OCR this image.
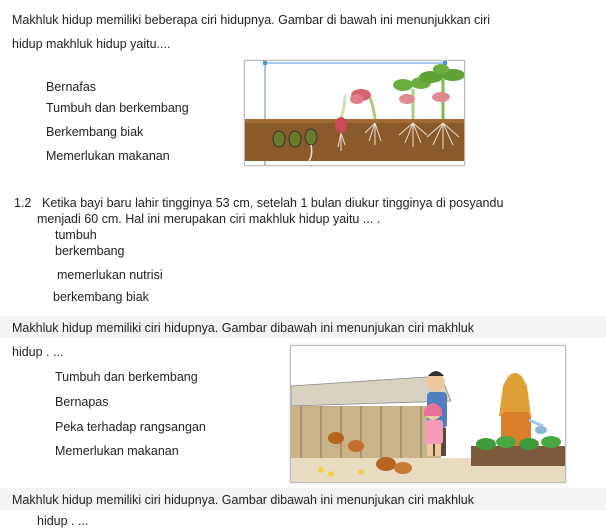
Makhluk hidup memiliki beberapa ciri hidupnya. Gambar di bawah ini menunjukkan ciri
hidup makhluk hidup yaitu....
Bernafas
Tumbuh dan berkembang
Berkembang biak
Memerlukan makanan
1.2 Ketika bayi baru lahir tingginya 53 cm, setelah 1 bulan diukur tingginya di posyandu
menjadi 60 cm. Hal ini merupakan ciri makhluk hidup yaitu ... .
tumbuh
berkembang
memerlukan nutrisi
berkembang biak
Makhluk hidup memiliki ciri hidupnya. Gambar dibawah ini menunjukan ciri makhluk
hidup . ...
Tumbuh dan berkembang
Bernapas
Peka terhadap rangsangan
Memerlukan makanan
Makhluk hidup memiliki ciri hidupnya. Gambar dibawah ini menunjukan ciri makhluk
hidup . ...
